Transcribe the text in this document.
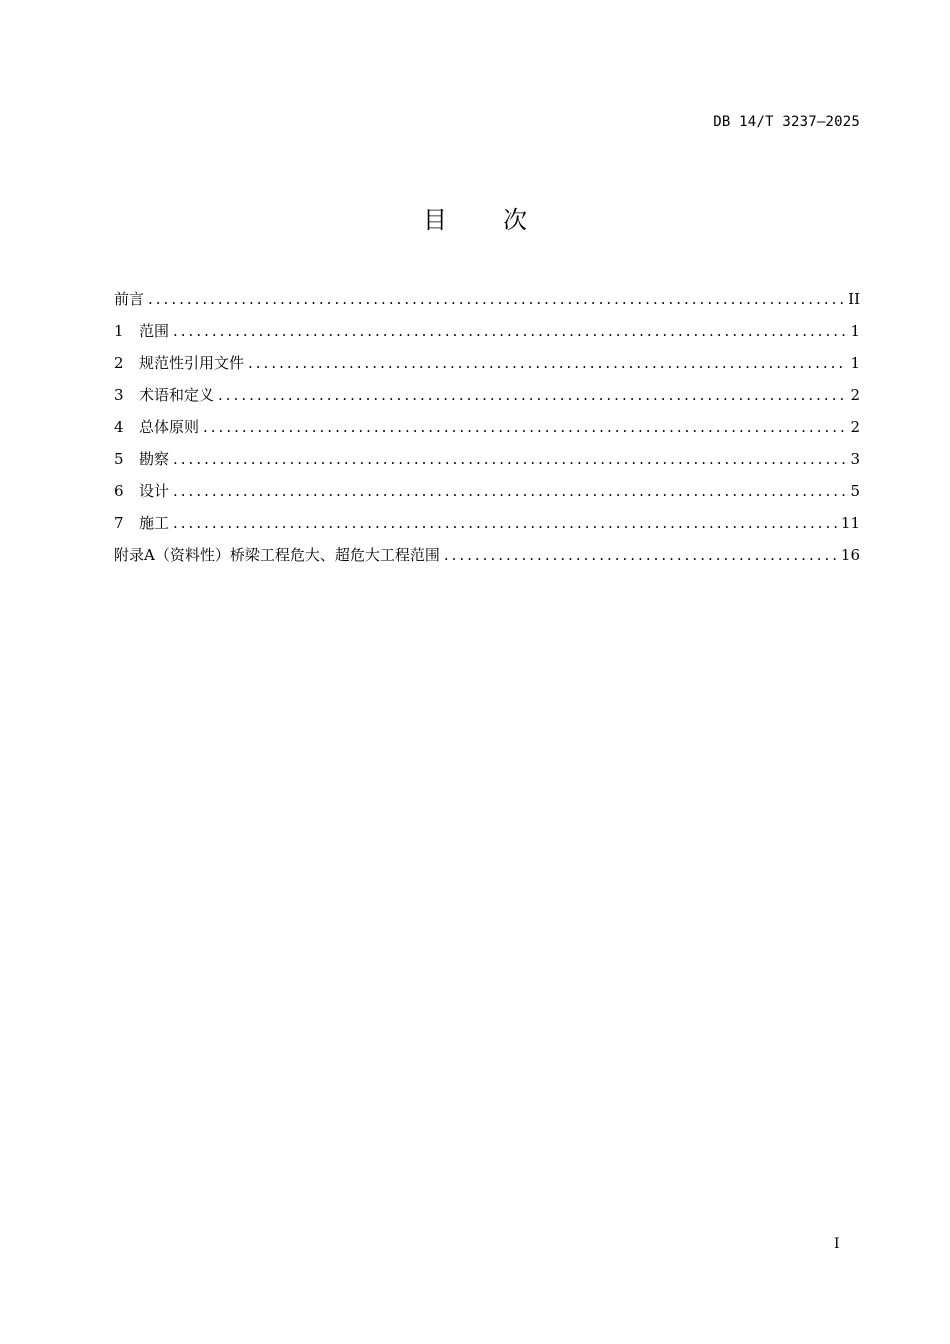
DB 14/T 3237—2025
目 次
前言 .....	II
1	范围 .....	1
2	规范性引用文件 .....	1
3	术语和定义 .....	2
4	总体原则 .....	2
5	勘察 .....	3
6	设计 .....	5
7	施工 .....	11
附录A（资料性）桥梁工程危大、超危大工程范围 .....	16
I
